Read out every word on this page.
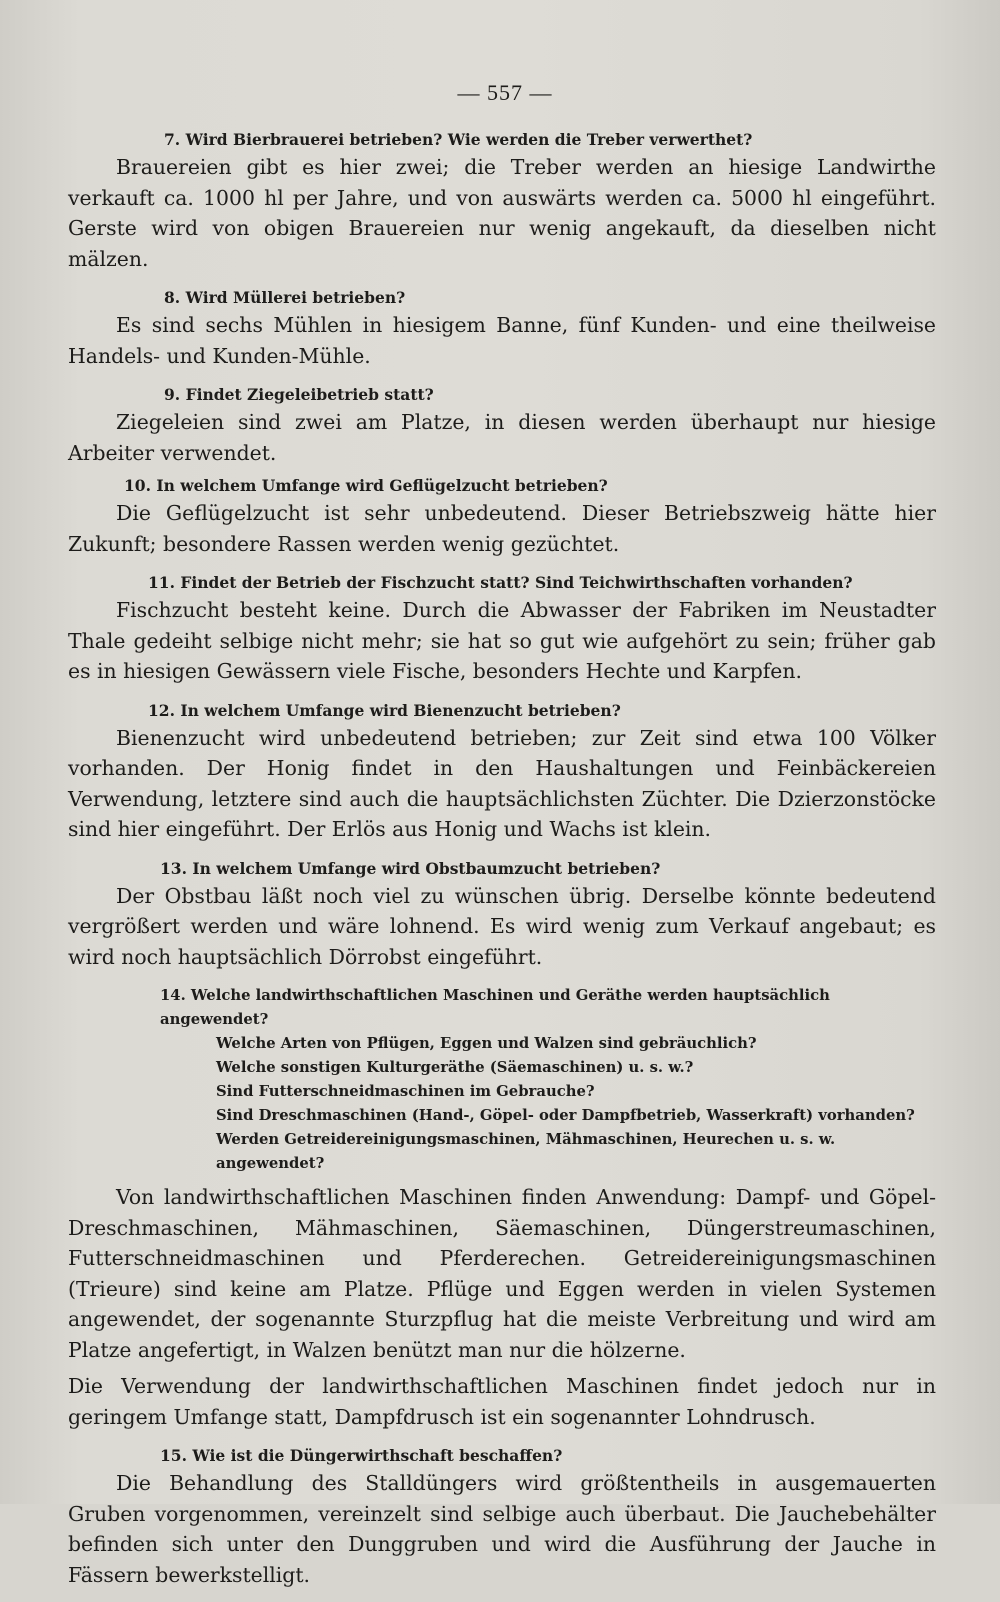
— 557 —

7. Wird Bierbrauerei betrieben? Wie werden die Treber verwerthet?

Brauereien gibt es hier zwei; die Treber werden an hiesige Landwirthe verkauft ca. 1000 hl per Jahre, und von auswärts werden ca. 5000 hl eingeführt. Gerste wird von obigen Brauereien nur wenig angekauft, da dieselben nicht mälzen.

8. Wird Müllerei betrieben?

Es sind sechs Mühlen in hiesigem Banne, fünf Kunden- und eine theilweise Handels- und Kunden-Mühle.

9. Findet Ziegeleibetrieb statt?

Ziegeleien sind zwei am Platze, in diesen werden überhaupt nur hiesige Arbeiter verwendet.

10. In welchem Umfange wird Geflügelzucht betrieben?

Die Geflügelzucht ist sehr unbedeutend. Dieser Betriebszweig hätte hier Zukunft; besondere Rassen werden wenig gezüchtet.

11. Findet der Betrieb der Fischzucht statt? Sind Teichwirthschaften vorhanden?

Fischzucht besteht keine. Durch die Abwasser der Fabriken im Neustadter Thale gedeiht selbige nicht mehr; sie hat so gut wie aufgehört zu sein; früher gab es in hiesigen Gewässern viele Fische, besonders Hechte und Karpfen.

12. In welchem Umfange wird Bienenzucht betrieben?

Bienenzucht wird unbedeutend betrieben; zur Zeit sind etwa 100 Völker vorhanden. Der Honig findet in den Haushaltungen und Feinbäckereien Verwendung, letztere sind auch die hauptsächlichsten Züchter. Die Dzierzonstöcke sind hier eingeführt. Der Erlös aus Honig und Wachs ist klein.

13. In welchem Umfange wird Obstbaumzucht betrieben?

Der Obstbau läßt noch viel zu wünschen übrig. Derselbe könnte bedeutend vergrößert werden und wäre lohnend. Es wird wenig zum Verkauf angebaut; es wird noch hauptsächlich Dörrobst eingeführt.

14. Welche landwirthschaftlichen Maschinen und Geräthe werden hauptsächlich angewendet?
Welche Arten von Pflügen, Eggen und Walzen sind gebräuchlich?
Welche sonstigen Kulturgeräthe (Säemaschinen) u. s. w.?
Sind Futterschneidmaschinen im Gebrauche?
Sind Dreschmaschinen (Hand-, Göpel- oder Dampfbetrieb, Wasserkraft) vorhanden?
Werden Getreidereinigungsmaschinen, Mähmaschinen, Heurechen u. s. w. angewendet?

Von landwirthschaftlichen Maschinen finden Anwendung: Dampf- und Göpel-Dreschmaschinen, Mähmaschinen, Säemaschinen, Düngerstreumaschinen, Futterschneidmaschinen und Pferderechen. Getreidereinigungsmaschinen (Trieure) sind keine am Platze. Pflüge und Eggen werden in vielen Systemen angewendet, der sogenannte Sturzpflug hat die meiste Verbreitung und wird am Platze angefertigt, in Walzen benützt man nur die hölzerne.

Die Verwendung der landwirthschaftlichen Maschinen findet jedoch nur in geringem Umfange statt, Dampfdrusch ist ein sogenannter Lohndrusch.

15. Wie ist die Düngerwirthschaft beschaffen?

Die Behandlung des Stalldüngers wird größtentheils in ausgemauerten Gruben vorgenommen, vereinzelt sind selbige auch überbaut. Die Jauchebehälter befinden sich unter den Dunggruben und wird die Ausführung der Jauche in Fässern bewerkstelligt.
